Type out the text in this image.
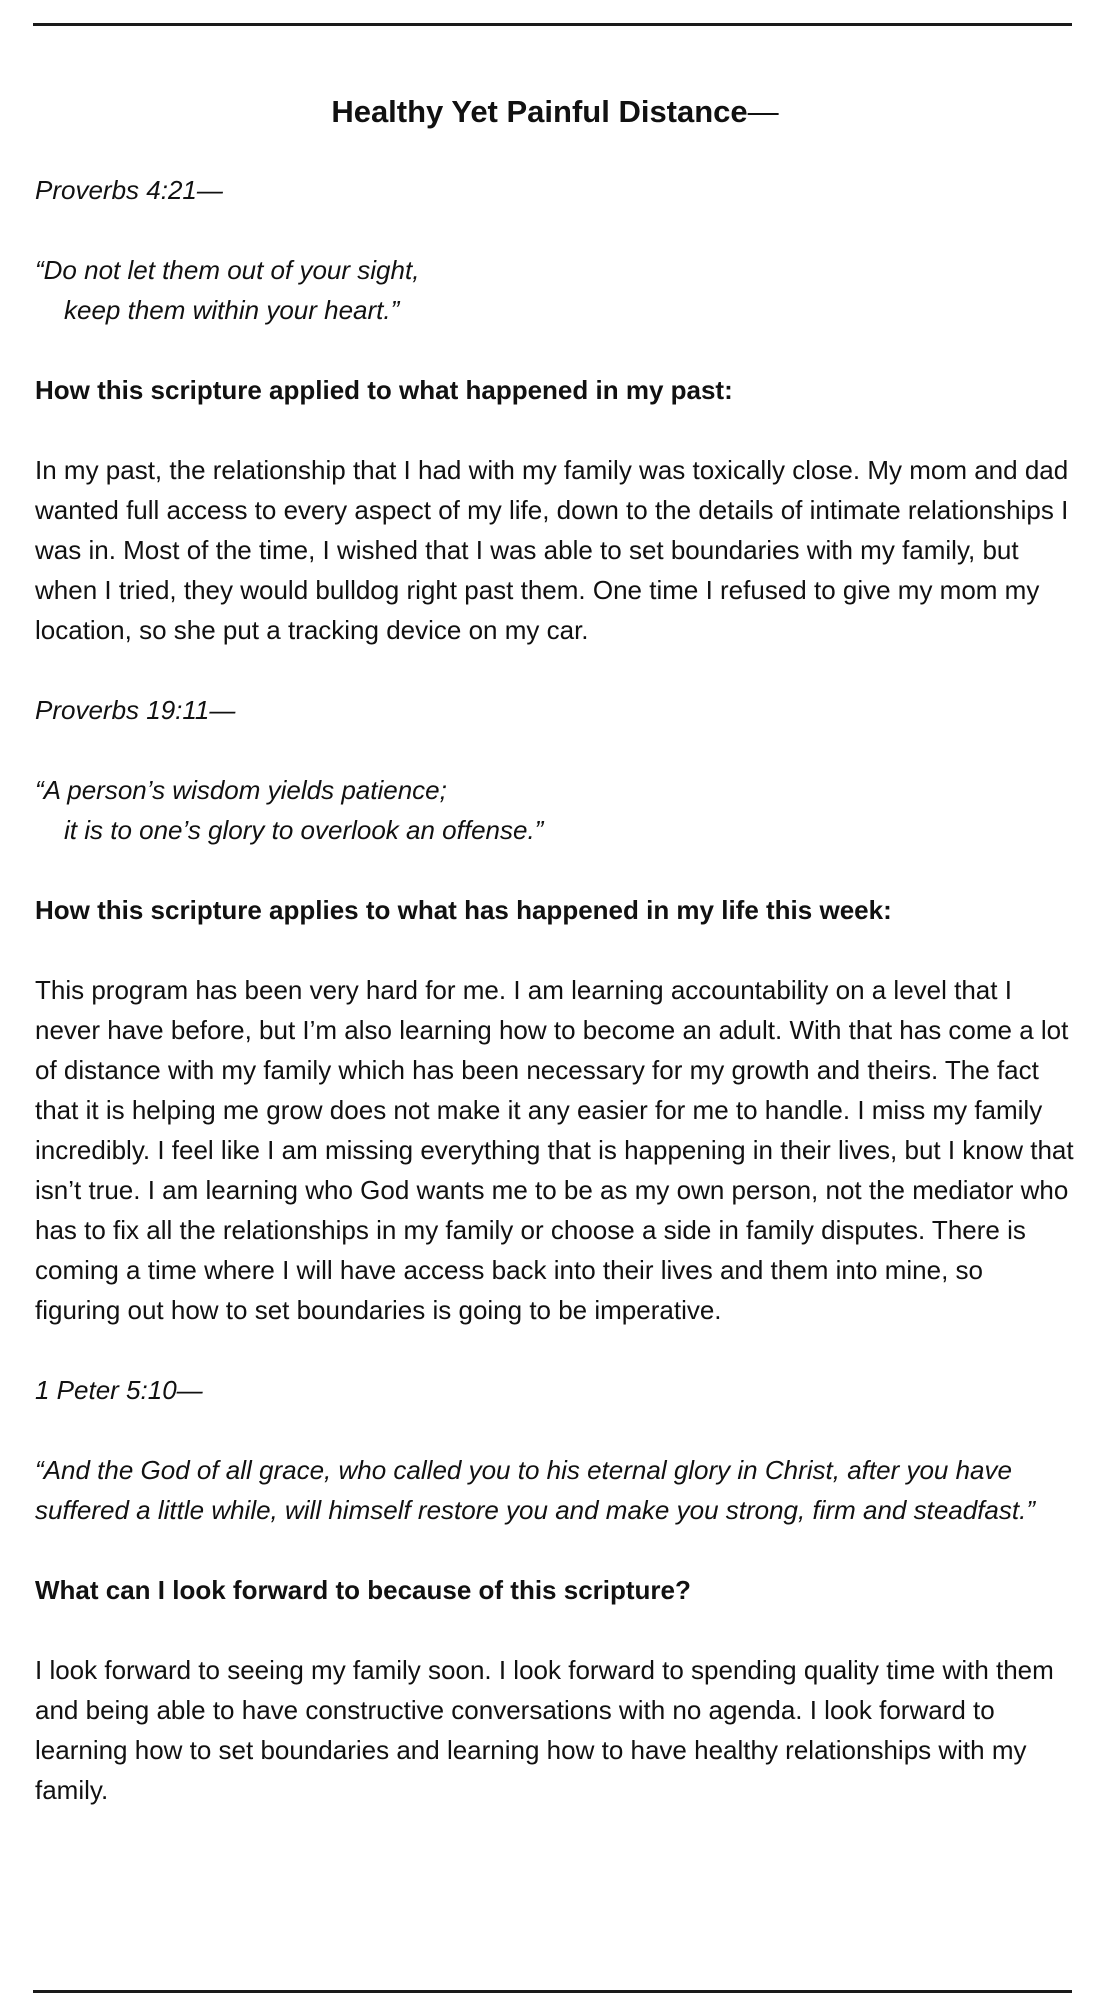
Healthy Yet Painful Distance—
Proverbs 4:21—
“Do not let them out of your sight,
keep them within your heart.”
How this scripture applied to what happened in my past:
In my past, the relationship that I had with my family was toxically close. My mom and dad wanted full access to every aspect of my life, down to the details of intimate relationships I was in. Most of the time, I wished that I was able to set boundaries with my family, but when I tried, they would bulldog right past them. One time I refused to give my mom my location, so she put a tracking device on my car.
Proverbs 19:11—
“A person’s wisdom yields patience;
it is to one’s glory to overlook an offense.”
How this scripture applies to what has happened in my life this week:
This program has been very hard for me. I am learning accountability on a level that I never have before, but I’m also learning how to become an adult. With that has come a lot of distance with my family which has been necessary for my growth and theirs. The fact that it is helping me grow does not make it any easier for me to handle. I miss my family incredibly. I feel like I am missing everything that is happening in their lives, but I know that isn’t true. I am learning who God wants me to be as my own person, not the mediator who has to fix all the relationships in my family or choose a side in family disputes. There is coming a time where I will have access back into their lives and them into mine, so figuring out how to set boundaries is going to be imperative.
1 Peter 5:10—
“And the God of all grace, who called you to his eternal glory in Christ, after you have suffered a little while, will himself restore you and make you strong, firm and steadfast.”
What can I look forward to because of this scripture?
I look forward to seeing my family soon. I look forward to spending quality time with them and being able to have constructive conversations with no agenda. I look forward to learning how to set boundaries and learning how to have healthy relationships with my family.
